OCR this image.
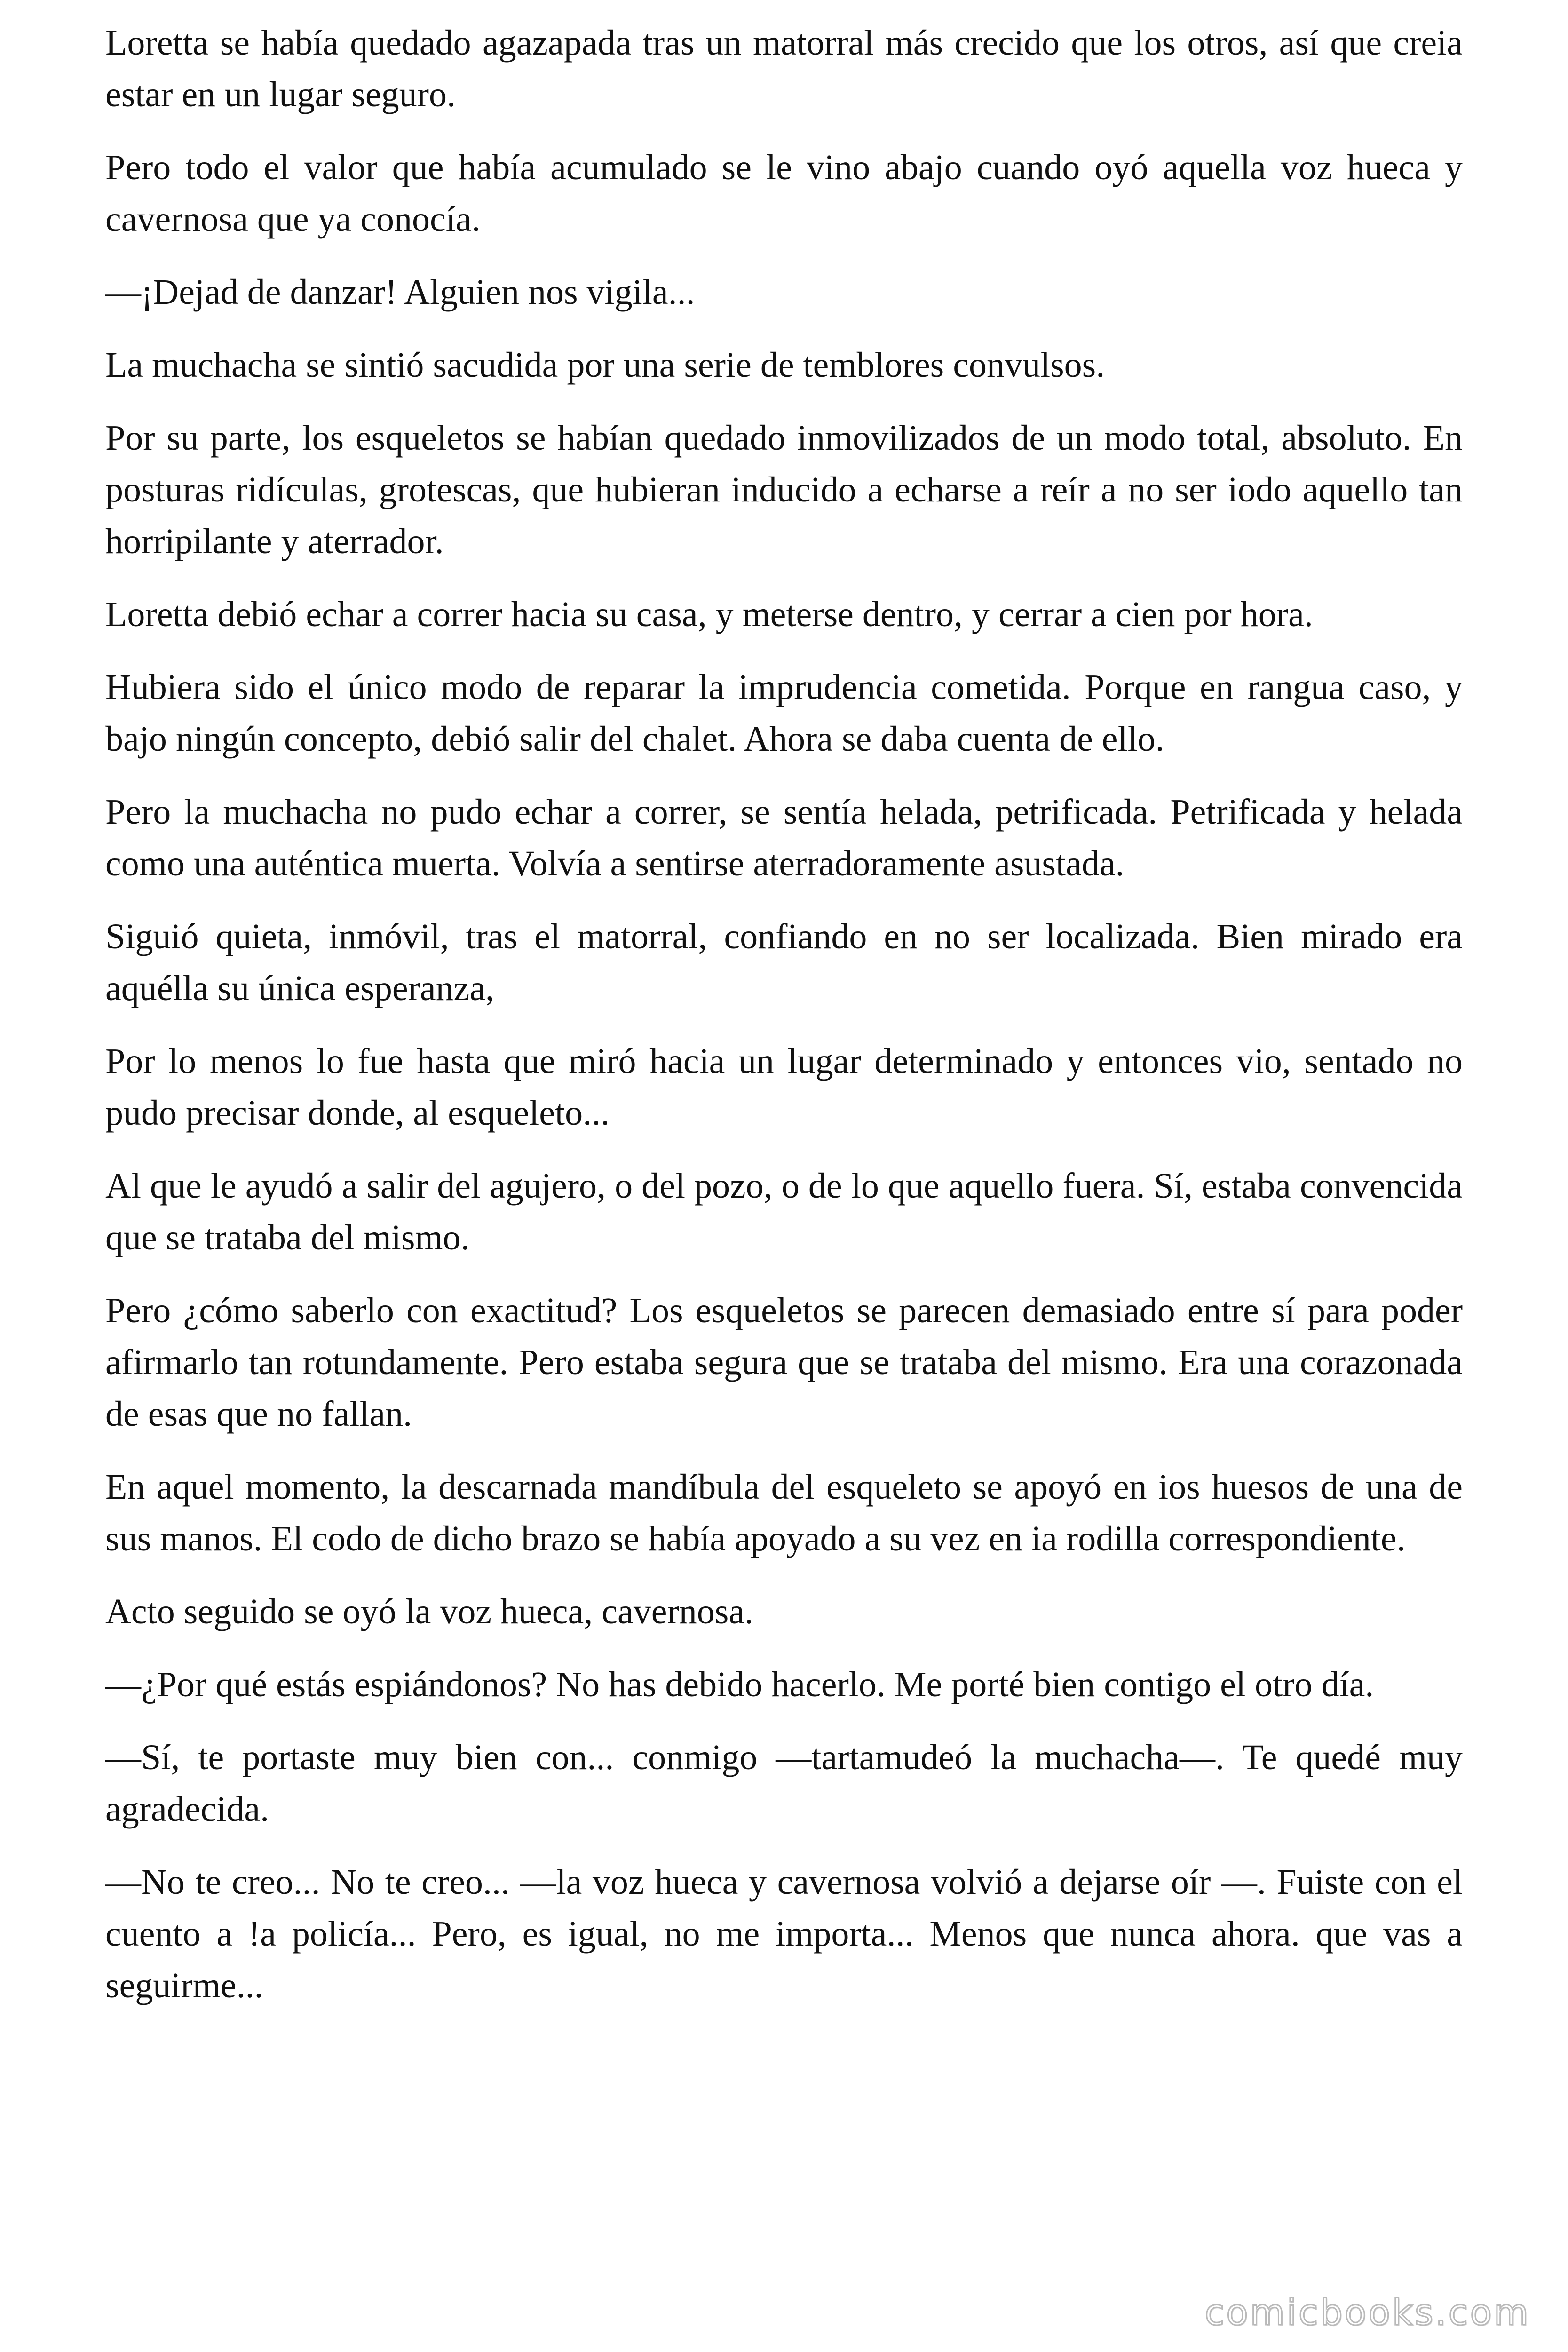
Loretta se había quedado agazapada tras un matorral más crecido que los otros, así que creia estar en un lugar seguro.

Pero todo el valor que había acumulado se le vino abajo cuando oyó aquella voz hueca y cavernosa que ya conocía.

—¡Dejad de danzar! Alguien nos vigila...

La muchacha se sintió sacudida por una serie de temblores convulsos.

Por su parte, los esqueletos se habían quedado inmovilizados de un modo total, absoluto. En posturas ridículas, grotescas, que hubieran inducido a echarse a reír a no ser iodo aquello tan horripilante y aterrador.

Loretta debió echar a correr hacia su casa, y meterse dentro, y cerrar a cien por hora.

Hubiera sido el único modo de reparar la imprudencia cometida. Porque en rangua caso, y bajo ningún concepto, debió salir del chalet. Ahora se daba cuenta de ello.

Pero la muchacha no pudo echar a correr, se sentía helada, petrificada. Petrificada y helada como una auténtica muerta. Volvía a sentirse aterradoramente asustada.

Siguió quieta, inmóvil, tras el matorral, confiando en no ser localizada. Bien mirado era aquélla su única esperanza,

Por lo menos lo fue hasta que miró hacia un lugar determinado y entonces vio, sentado no pudo precisar donde, al esqueleto...

Al que le ayudó a salir del agujero, o del pozo, o de lo que aquello fuera. Sí, estaba convencida que se trataba del mismo.

Pero ¿cómo saberlo con exactitud? Los esqueletos se parecen demasiado entre sí para poder afirmarlo tan rotundamente. Pero estaba segura que se trataba del mismo. Era una corazonada de esas que no fallan.

En aquel momento, la descarnada mandíbula del esqueleto se apoyó en ios huesos de una de sus manos. El codo de dicho brazo se había apoyado a su vez en ia rodilla correspondiente.

Acto seguido se oyó la voz hueca, cavernosa.

—¿Por qué estás espiándonos? No has debido hacerlo. Me porté bien contigo el otro día.

—Sí, te portaste muy bien con... conmigo —tartamudeó la muchacha—. Te quedé muy agradecida.

—No te creo... No te creo... —la voz hueca y cavernosa volvió a dejarse oír —. Fuiste con el cuento a !a policía... Pero, es igual, no me importa... Menos que nunca ahora. que vas a seguirme...

comicbooks.com
